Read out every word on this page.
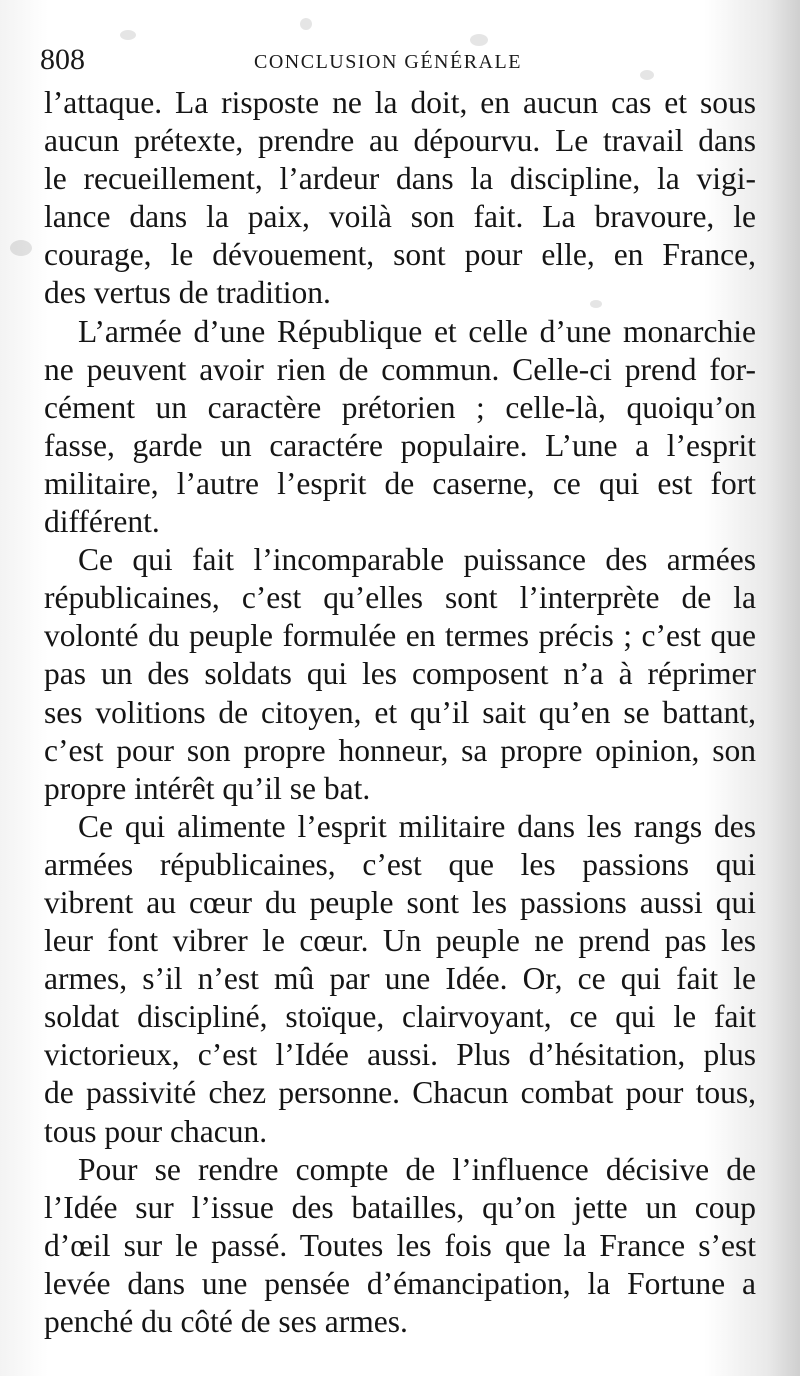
808	CONCLUSION GÉNÉRALE
l’attaque. La risposte ne la doit, en aucun cas et sous
aucun prétexte, prendre au dépourvu. Le travail dans
le recueillement, l’ardeur dans la discipline, la vigi-
lance dans la paix, voilà son fait. La bravoure, le
courage, le dévouement, sont pour elle, en France,
des vertus de tradition.
L’armée d’une République et celle d’une monarchie
ne peuvent avoir rien de commun. Celle-ci prend for-
cément un caractère prétorien ; celle-là, quoiqu’on
fasse, garde un caractére populaire. L’une a l’esprit
militaire, l’autre l’esprit de caserne, ce qui est fort
différent.
Ce qui fait l’incomparable puissance des armées
républicaines, c’est qu’elles sont l’interprète de la
volonté du peuple formulée en termes précis ; c’est que
pas un des soldats qui les composent n’a à réprimer
ses volitions de citoyen, et qu’il sait qu’en se battant,
c’est pour son propre honneur, sa propre opinion, son
propre intérêt qu’il se bat.
Ce qui alimente l’esprit militaire dans les rangs des
armées républicaines, c’est que les passions qui
vibrent au cœur du peuple sont les passions aussi qui
leur font vibrer le cœur. Un peuple ne prend pas les
armes, s’il n’est mû par une Idée. Or, ce qui fait le
soldat discipliné, stoïque, clairvoyant, ce qui le fait
victorieux, c’est l’Idée aussi. Plus d’hésitation, plus
de passivité chez personne. Chacun combat pour tous,
tous pour chacun.
Pour se rendre compte de l’influence décisive de
l’Idée sur l’issue des batailles, qu’on jette un coup
d’œil sur le passé. Toutes les fois que la France s’est
levée dans une pensée d’émancipation, la Fortune a
penché du côté de ses armes.
